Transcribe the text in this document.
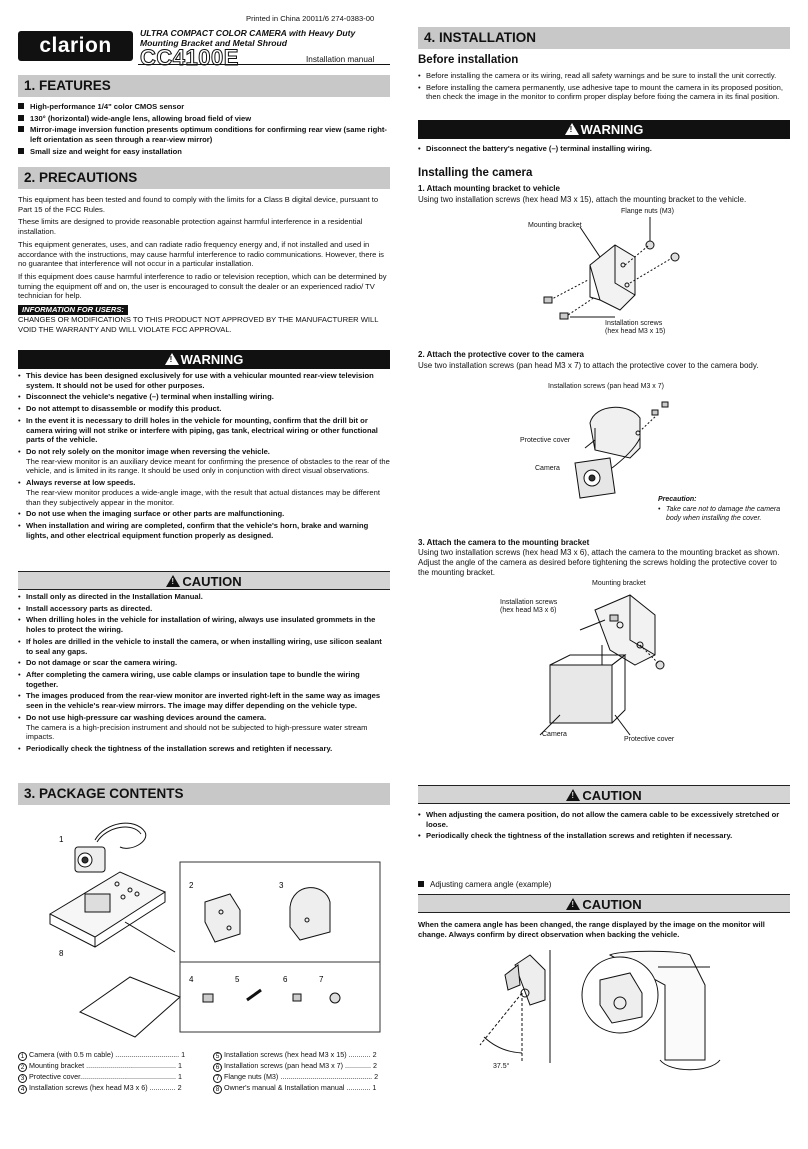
Printed in China 20011/6 274-0383-00
clarion
ULTRA COMPACT COLOR CAMERA with Heavy Duty Mounting Bracket and Metal Shroud
CC4100E	Installation manual
1. FEATURES
High-performance 1/4" color CMOS sensor
130° (horizontal) wide-angle lens, allowing broad field of view
Mirror-image inversion function presents optimum conditions for confirming rear view (same right-left orientation as seen through a rear-view mirror)
Small size and weight for easy installation
2. PRECAUTIONS

This equipment has been tested and found to comply with the limits for a Class B digital device, pursuant to Part 15 of the FCC Rules.

These limits are designed to provide reasonable protection against harmful interference in a residential installation.

This equipment generates, uses, and can radiate radio frequency energy and, if not installed and used in accordance with the instructions, may cause harmful interference to radio communications. However, there is no guarantee that interference will not occur in a particular installation.

If this equipment does cause harmful interference to radio or television reception, which can be determined by turning the equipment off and on, the user is encouraged to consult the dealer or an experienced radio/ TV technician for help.

INFORMATION FOR USERS:
CHANGES OR MODIFICATIONS TO THIS PRODUCT NOT APPROVED BY THE MANUFACTURER WILL VOID THE WARRANTY AND WILL VIOLATE FCC APPROVAL.
!WARNING
• This device has been designed exclusively for use with a vehicular mounted rear-view television system. It should not be used for other purposes.
• Disconnect the vehicle's negative (–) terminal when installing wiring.
• Do not attempt to disassemble or modify this product.
• In the event it is necessary to drill holes in the vehicle for mounting, confirm that the drill bit or camera wiring will not strike or interfere with piping, gas tank, electrical wiring or other functional parts of the vehicle.
• Do not rely solely on the monitor image when reversing the vehicle.
The rear-view monitor is an auxiliary device meant for confirming the presence of obstacles to the rear of the vehicle, and is limited in its range. It should be used only in conjunction with direct visual observations.
• Always reverse at low speeds.
The rear-view monitor produces a wide-angle image, with the result that actual distances may be different than they subjectively appear in the monitor.
• Do not use when the imaging surface or other parts are malfunctioning.
• When installation and wiring are completed, confirm that the vehicle's horn, brake and warning lights, and other electrical equipment function properly as designed.
!CAUTION
• Install only as directed in the Installation Manual.
• Install accessory parts as directed.
• When drilling holes in the vehicle for installation of wiring, always use insulated grommets in the holes to protect the wiring.
• If holes are drilled in the vehicle to install the camera, or when installing wiring, use silicon sealant to seal any gaps.
• Do not damage or scar the camera wiring.
• After completing the camera wiring, use cable clamps or insulation tape to bundle the wiring together.
• The images produced from the rear-view monitor are inverted right-left in the same way as images seen in the vehicle's rear-view mirrors. The image may differ depending on the vehicle type.
• Do not use high-pressure car washing devices around the camera.
The camera is a high-precision instrument and should not be subjected to high-pressure water stream impacts.
• Periodically check the tightness of the installation screws and retighten if necessary.
3. PACKAGE CONTENTS
1
2	3
4	5	6	7
8
1 Camera (with 0.5 m cable) ................................ 1
2 Mounting bracket ............................................. 1
3 Protective cover................................................ 1
4 Installation screws (hex head M3 x 6) ............. 2
5 Installation screws (hex head M3 x 15) ........... 2
6 Installation screws (pan head M3 x 7) ............. 2
7 Flange nuts (M3) .............................................. 2
8 Owner's manual & Installation manual ............ 1
4. INSTALLATION
Before installation
• Before installing the camera or its wiring, read all safety warnings and be sure to install the unit correctly.
• Before installing the camera permanently, use adhesive tape to mount the camera in its proposed position, then check the image in the monitor to confirm proper display before fixing the camera in its final position.
!WARNING
• Disconnect the battery's negative (–) terminal installing wiring.
Installing the camera
1. Attach mounting bracket to vehicle
Using two installation screws (hex head M3 x 15), attach the mounting bracket to the vehicle.
Flange nuts (M3)
Mounting bracket
Installation screws
(hex head M3 x 15)
2. Attach the protective cover to the camera
Use two installation screws (pan head M3 x 7) to attach the protective cover to the camera body.
Installation screws (pan head M3 x 7)
Protective cover
Camera
Precaution:
• Take care not to damage the camera body when installing the cover.
3. Attach the camera to the mounting bracket
Using two installation screws (hex head M3 x 6), attach the camera to the mounting bracket as shown. Adjust the angle of the camera as desired before tightening the screws holding the protective cover to the mounting bracket.
Mounting bracket
Installation screws
(hex head M3 x 6)
Camera
Protective cover
!CAUTION
• When adjusting the camera position, do not allow the camera cable to be excessively stretched or loose.
• Periodically check the tightness of the installation screws and retighten if necessary.
Adjusting camera angle (example)
!CAUTION
When the camera angle has been changed, the range displayed by the image on the monitor will change. Always confirm by direct observation when backing the vehicle.
37.5°
